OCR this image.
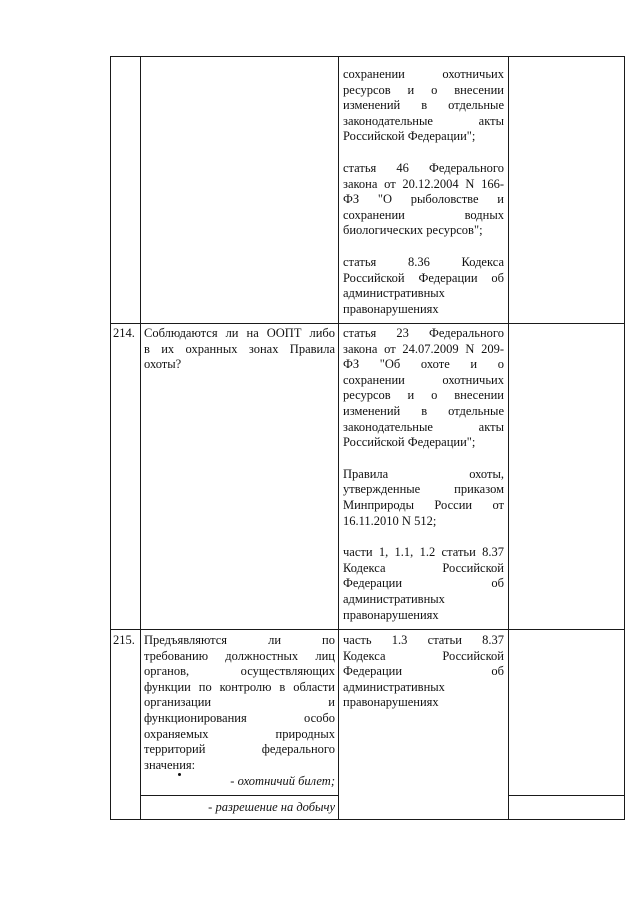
сохранении охотничьих
ресурсов и о внесении
изменений в отдельные
законодательные акты
Российской Федерации";
статья 46 Федерального
закона от 20.12.2004 N 166-
ФЗ "О рыболовстве и
сохранении водных
биологических ресурсов";
статья 8.36 Кодекса
Российской Федерации об
административных
правонарушениях
214. Соблюдаются ли на ООПТ либо
в их охранных зонах Правила
охоты?
статья 23 Федерального
закона от 24.07.2009 N 209-
ФЗ "Об охоте и о
сохранении охотничьих
ресурсов и о внесении
изменений в отдельные
законодательные акты
Российской Федерации";
Правила охоты,
утвержденные приказом
Минприроды России от
16.11.2010 N 512;
части 1, 1.1, 1.2 статьи 8.37
Кодекса Российской
Федерации об
административных
правонарушениях
215. Предъявляются ли по
требованию должностных лиц
органов, осуществляющих
функции по контролю в области
организации и
функционирования особо
охраняемых природных
территорий федерального
значения:
- охотничий билет;
- разрешение на добычу
часть 1.3 статьи 8.37
Кодекса Российской
Федерации об
административных
правонарушениях
